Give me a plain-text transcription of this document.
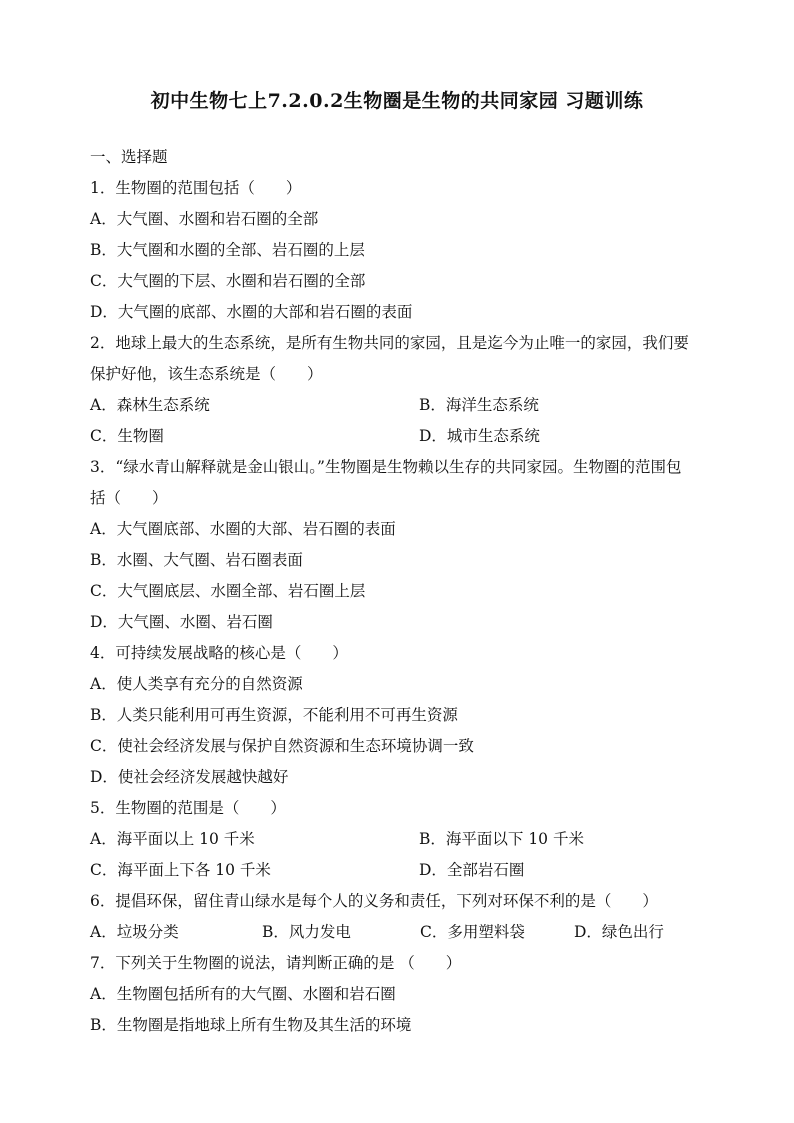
初中生物七上7.2.0.2生物圈是生物的共同家园 习题训练
一、选择题
1．生物圈的范围包括（　　）
A．大气圈、水圈和岩石圈的全部
B．大气圈和水圈的全部、岩石圈的上层
C．大气圈的下层、水圈和岩石圈的全部
D．大气圈的底部、水圈的大部和岩石圈的表面
2．地球上最大的生态系统，是所有生物共同的家园，且是迄今为止唯一的家园，我们要
保护好他，该生态系统是（　　）
A．森林生态系统	B．海洋生态系统
C．生物圈	D．城市生态系统
3．“绿水青山解释就是金山银山。”生物圈是生物赖以生存的共同家园。生物圈的范围包
括（　　）
A．大气圈底部、水圈的大部、岩石圈的表面
B．水圈、大气圈、岩石圈表面
C．大气圈底层、水圈全部、岩石圈上层
D．大气圈、水圈、岩石圈
4．可持续发展战略的核心是（　　）
A．使人类享有充分的自然资源
B．人类只能利用可再生资源，不能利用不可再生资源
C．使社会经济发展与保护自然资源和生态环境协调一致
D．使社会经济发展越快越好
5．生物圈的范围是（　　）
A．海平面以上 10 千米	B．海平面以下 10 千米
C．海平面上下各 10 千米	D．全部岩石圈
6．提倡环保，留住青山绿水是每个人的义务和责任，下列对环保不利的是（　　）
A．垃圾分类	B．风力发电	C．多用塑料袋	D．绿色出行
7．下列关于生物圈的说法，请判断正确的是 （　　）
A．生物圈包括所有的大气圈、水圈和岩石圈
B．生物圈是指地球上所有生物及其生活的环境
